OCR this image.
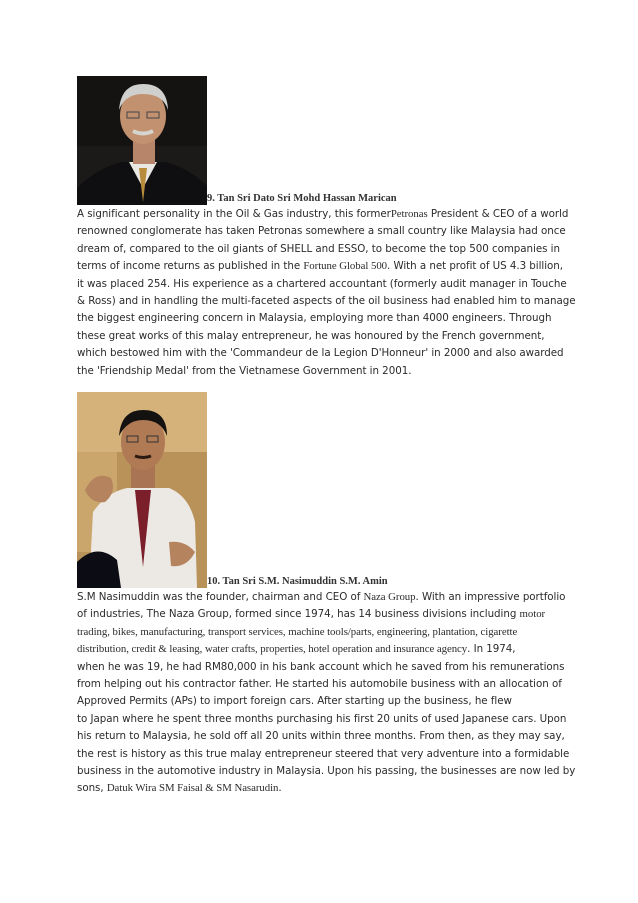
9. Tan Sri Dato Sri Mohd Hassan Marican
A significant personality in the Oil & Gas industry, this formerPetronas President & CEO of a world
renowned conglomerate has taken Petronas somewhere a small country like Malaysia had once
dream of, compared to the oil giants of SHELL and ESSO, to become the top 500 companies in
terms of income returns as published in the Fortune Global 500. With a net profit of US 4.3 billion,
it was placed 254. His experience as a chartered accountant (formerly audit manager in Touche
& Ross) and in handling the multi-faceted aspects of the oil business had enabled him to manage
the biggest engineering concern in Malaysia, employing more than 4000 engineers. Through
these great works of this malay entrepreneur, he was honoured by the French government,
which bestowed him with the 'Commandeur de la Legion D'Honneur' in 2000 and also awarded
the 'Friendship Medal' from the Vietnamese Government in 2001.
10. Tan Sri S.M. Nasimuddin S.M. Amin
S.M Nasimuddin was the founder, chairman and CEO of Naza Group. With an impressive portfolio
of industries, The Naza Group, formed since 1974, has 14 business divisions including motor
trading, bikes, manufacturing, transport services, machine tools/parts, engineering, plantation, cigarette
distribution, credit & leasing, water crafts, properties, hotel operation and insurance agency. In 1974,
when he was 19, he had RM80,000 in his bank account which he saved from his remunerations
from helping out his contractor father. He started his automobile business with an allocation of
Approved Permits (APs) to import foreign cars. After starting up the business, he flew
to Japan where he spent three months purchasing his first 20 units of used Japanese cars. Upon
his return to Malaysia, he sold off all 20 units within three months. From then, as they may say,
the rest is history as this true malay entrepreneur steered that very adventure into a formidable
business in the automotive industry in Malaysia. Upon his passing, the businesses are now led by
sons, Datuk Wira SM Faisal & SM Nasarudin.
